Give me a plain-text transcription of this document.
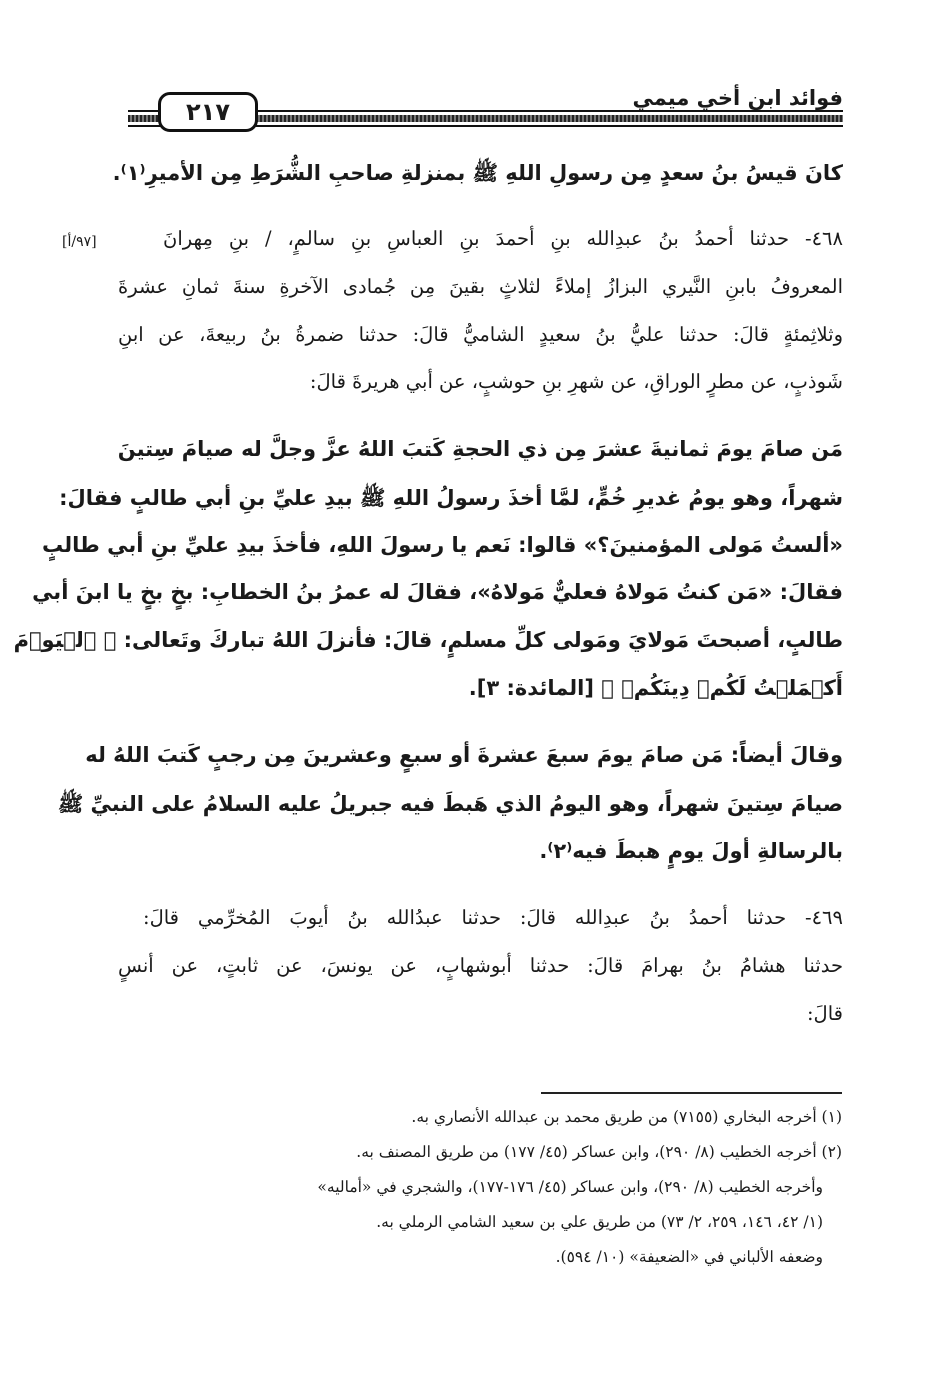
فوائد ابن أخي ميمي
٢١٧
[٩٧/أ]
كانَ قيسُ بنُ سعدٍ مِن رسولِ اللهِ ﷺ بمنزلةِ صاحبِ الشُّرَطِ مِن الأميرِ⁽١⁾.
٤٦٨- حدثنا أحمدُ بنُ عبدِالله بنِ أحمدَ بنِ العباسِ بنِ سالمٍ، / بنِ مِهرانَ
المعروفُ بابنِ النَّيري البزازُ إملاءً لثلاثٍ بقينَ مِن جُمادى الآخرةِ سنةَ ثمانِ عشرةَ
وثلاثِمئةٍ قالَ: حدثنا عليُّ بنُ سعيدٍ الشاميُّ قالَ: حدثنا ضمرةُ بنُ ربيعةَ، عن ابنِ
شَوذبٍ، عن مطرٍ الوراقِ، عن شهرِ بنِ حوشبٍ، عن أبي هريرةَ قالَ:
مَن صامَ يومَ ثمانيةَ عشرَ مِن ذي الحجةِ كَتبَ اللهُ عزَّ وجلَّ له صيامَ سِتينَ
شهراً، وهو يومُ غديرِ خُمٍّ، لمَّا أخذَ رسولُ اللهِ ﷺ بيدِ عليِّ بنِ أبي طالبٍ فقالَ:
«ألستُ مَولى المؤمنينَ؟» قالوا: نَعم يا رسولَ اللهِ، فأخذَ بيدِ عليِّ بنِ أبي طالبٍ
فقالَ: «مَن كنتُ مَولاهُ فعليٌّ مَولاهُ»، فقالَ له عمرُ بنُ الخطابِ: بخٍ بخٍ يا ابنَ أبي
طالبٍ، أصبحتَ مَولايَ ومَولى كلِّ مسلمٍ، قالَ: فأنزلَ اللهُ تباركَ وتَعالى: ﴿ ٱلۡيَوۡمَ
أَكۡمَلۡتُ لَكُمۡ دِينَكُمۡ ﴾ [المائدة: ٣].
وقالَ أيضاً: مَن صامَ يومَ سبعَ عشرةَ أو سبعٍ وعشرينَ مِن رجبٍ كَتبَ اللهُ له
صيامَ سِتينَ شهراً، وهو اليومُ الذي هَبطَ فيه جبريلُ عليه السلامُ على النبيِّ ﷺ
بالرسالةِ أولَ يومٍ هبطَ فيه⁽٢⁾.
٤٦٩- حدثنا أحمدُ بنُ عبدِالله قالَ: حدثنا عبدُالله بنُ أيوبَ المُخرِّمي قالَ:
حدثنا هشامُ بنُ بهرامَ قالَ: حدثنا أبوشهابٍ، عن يونسَ، عن ثابتٍ، عن أنسٍ
قالَ:
(١) أخرجه البخاري (٧١٥٥) من طريق محمد بن عبدالله الأنصاري به.
(٢) أخرجه الخطيب (٨/ ٢٩٠)، وابن عساكر (٤٥/ ١٧٧) من طريق المصنف به.
وأخرجه الخطيب (٨/ ٢٩٠)، وابن عساكر (٤٥/ ١٧٦-١٧٧)، والشجري في «أماليه»
(١/ ٤٢، ١٤٦، ٢٥٩، ٢/ ٧٣) من طريق علي بن سعيد الشامي الرملي به.
وضعفه الألباني في «الضعيفة» (١٠/ ٥٩٤).
